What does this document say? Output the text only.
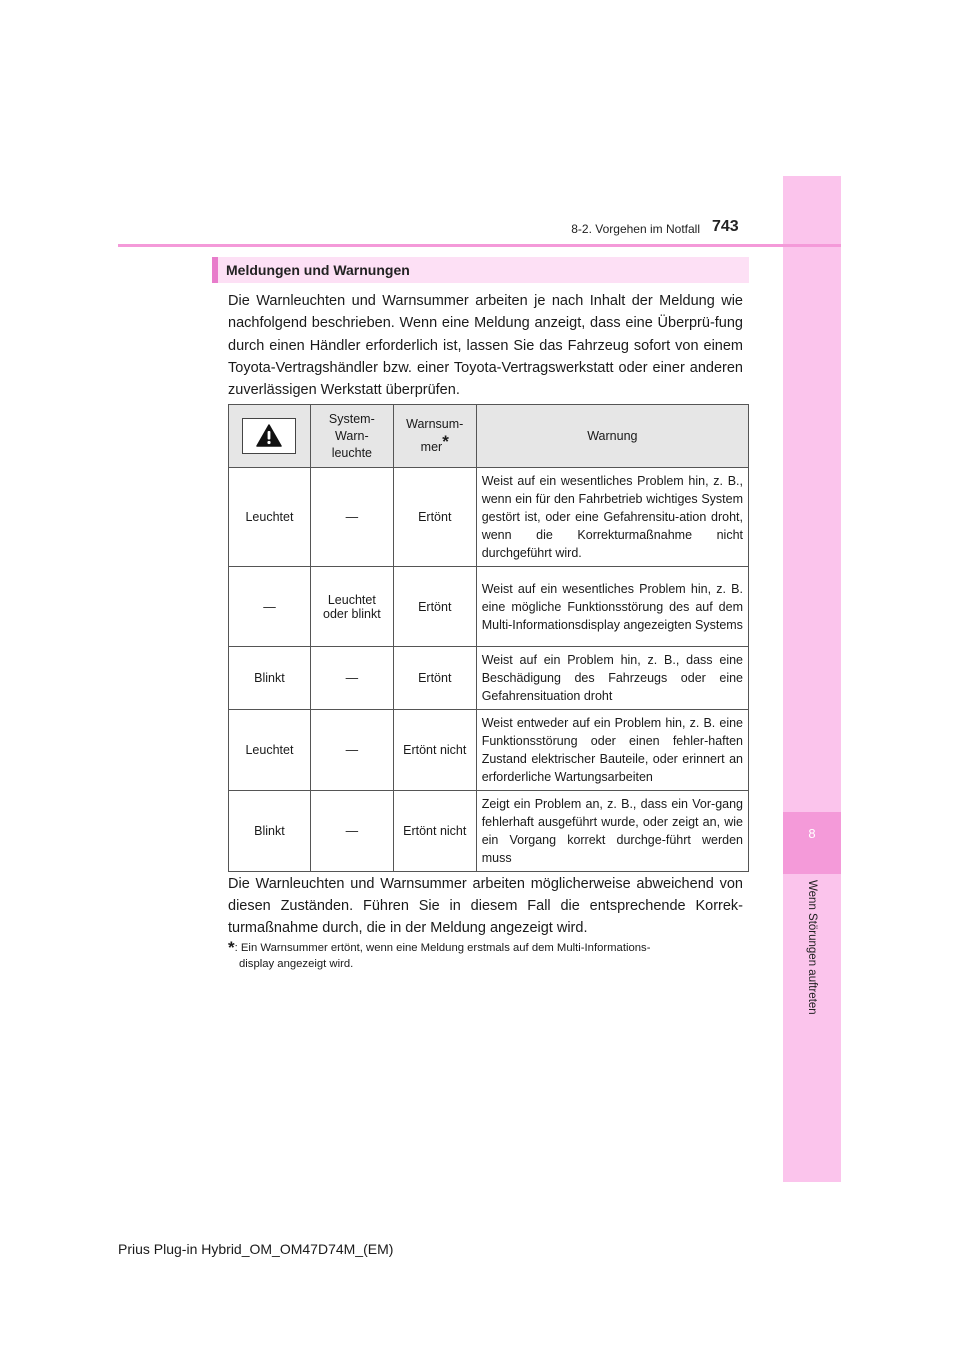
8
Wenn Störungen auftreten
8-2. Vorgehen im Notfall 743
Meldungen und Warnungen
Die Warnleuchten und Warnsummer arbeiten je nach Inhalt der Meldung wie nachfolgend beschrieben. Wenn eine Meldung anzeigt, dass eine Überprü-fung durch einen Händler erforderlich ist, lassen Sie das Fahrzeug sofort von einem Toyota-Vertragshändler bzw. einer Toyota-Vertragswerkstatt oder einer anderen zuverlässigen Werkstatt überprüfen.
	System-Warn-leuchte	Warnsum-mer*	Warnung
Leuchtet	—	Ertönt	Weist auf ein wesentliches Problem hin, z. B., wenn ein für den Fahrbetrieb wichtiges System gestört ist, oder eine Gefahrensitu-ation droht, wenn die Korrekturmaßnahme nicht durchgeführt wird.
—	Leuchtet oder blinkt	Ertönt	Weist auf ein wesentliches Problem hin, z. B. eine mögliche Funktionsstörung des auf dem Multi-Informationsdisplay angezeigten Systems
Blinkt	—	Ertönt	Weist auf ein Problem hin, z. B., dass eine Beschädigung des Fahrzeugs oder eine Gefahrensituation droht
Leuchtet	—	Ertönt nicht	Weist entweder auf ein Problem hin, z. B. eine Funktionsstörung oder einen fehler-haften Zustand elektrischer Bauteile, oder erinnert an erforderliche Wartungsarbeiten
Blinkt	—	Ertönt nicht	Zeigt ein Problem an, z. B., dass ein Vor-gang fehlerhaft ausgeführt wurde, oder zeigt an, wie ein Vorgang korrekt durchge-führt werden muss
Die Warnleuchten und Warnsummer arbeiten möglicherweise abweichend von diesen Zuständen. Führen Sie in diesem Fall die entsprechende Korrek-turmaßnahme durch, die in der Meldung angezeigt wird.
*: Ein Warnsummer ertönt, wenn eine Meldung erstmals auf dem Multi-Informations-
display angezeigt wird.
Prius Plug-in Hybrid_OM_OM47D74M_(EM)
